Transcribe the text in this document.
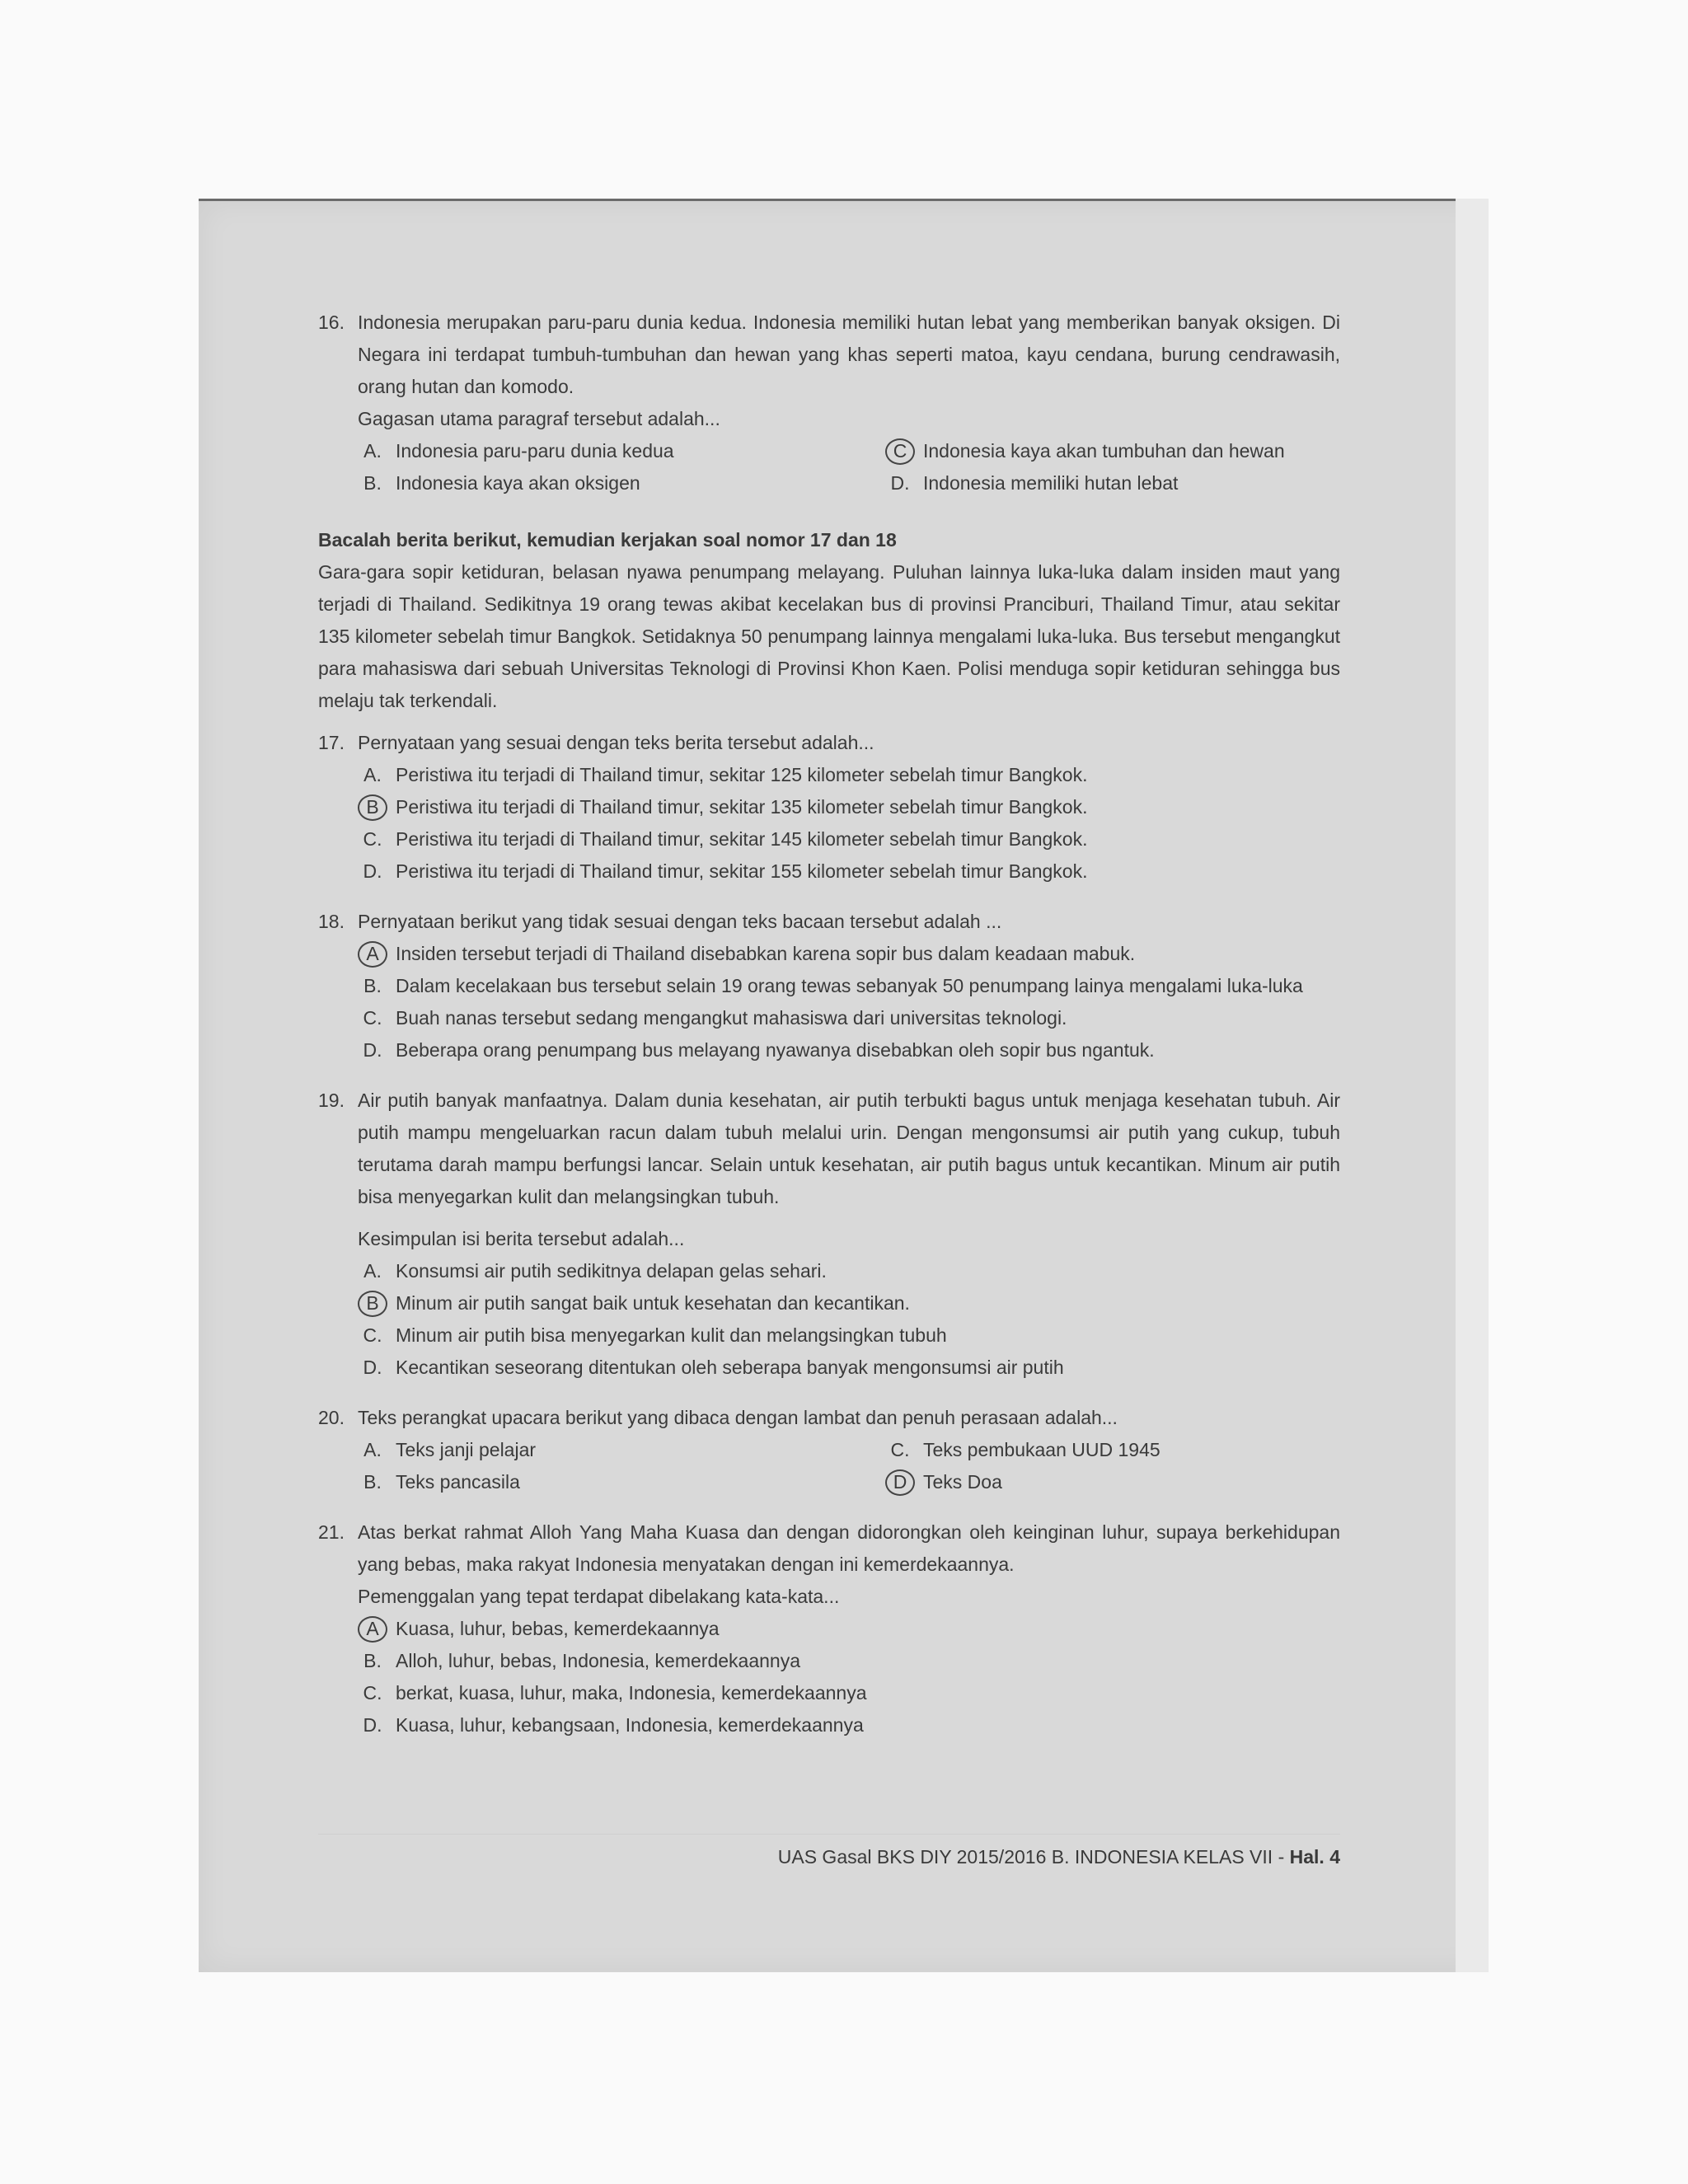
16. Indonesia merupakan paru-paru dunia kedua. Indonesia memiliki hutan lebat yang memberikan banyak oksigen. Di Negara ini terdapat tumbuh-tumbuhan dan hewan yang khas seperti matoa, kayu cendana, burung cendrawasih, orang hutan dan komodo.

Gagasan utama paragraf tersebut adalah...
A. Indonesia paru-paru dunia kedua	C Indonesia kaya akan tumbuhan dan hewan
B. Indonesia kaya akan oksigen	D. Indonesia memiliki hutan lebat
Bacalah berita berikut, kemudian kerjakan soal nomor 17 dan 18

Gara-gara sopir ketiduran, belasan nyawa penumpang melayang. Puluhan lainnya luka-luka dalam insiden maut yang terjadi di Thailand. Sedikitnya 19 orang tewas akibat kecelakan bus di provinsi Pranciburi, Thailand Timur, atau sekitar 135 kilometer sebelah timur Bangkok. Setidaknya 50 penumpang lainnya mengalami luka-luka. Bus tersebut mengangkut para mahasiswa dari sebuah Universitas Teknologi di Provinsi Khon Kaen. Polisi menduga sopir ketiduran sehingga bus melaju tak terkendali.

17. Pernyataan yang sesuai dengan teks berita tersebut adalah...
A. Peristiwa itu terjadi di Thailand timur, sekitar 125 kilometer sebelah timur Bangkok.
B Peristiwa itu terjadi di Thailand timur, sekitar 135 kilometer sebelah timur Bangkok.
C. Peristiwa itu terjadi di Thailand timur, sekitar 145 kilometer sebelah timur Bangkok.
D. Peristiwa itu terjadi di Thailand timur, sekitar 155 kilometer sebelah timur Bangkok.
18. Pernyataan berikut yang tidak sesuai dengan teks bacaan tersebut adalah ...
A Insiden tersebut terjadi di Thailand disebabkan karena sopir bus dalam keadaan mabuk.
B. Dalam kecelakaan bus tersebut selain 19 orang tewas sebanyak 50 penumpang lainya mengalami luka-luka
C. Buah nanas tersebut sedang mengangkut mahasiswa dari universitas teknologi.
D. Beberapa orang penumpang bus melayang nyawanya disebabkan oleh sopir bus ngantuk.
19. Air putih banyak manfaatnya. Dalam dunia kesehatan, air putih terbukti bagus untuk menjaga kesehatan tubuh. Air putih mampu mengeluarkan racun dalam tubuh melalui urin. Dengan mengonsumsi air putih yang cukup, tubuh terutama darah mampu berfungsi lancar. Selain untuk kesehatan, air putih bagus untuk kecantikan. Minum air putih bisa menyegarkan kulit dan melangsingkan tubuh.

Kesimpulan isi berita tersebut adalah...
A. Konsumsi air putih sedikitnya delapan gelas sehari.
B Minum air putih sangat baik untuk kesehatan dan kecantikan.
C. Minum air putih bisa menyegarkan kulit dan melangsingkan tubuh
D. Kecantikan seseorang ditentukan oleh seberapa banyak mengonsumsi air putih
20. Teks perangkat upacara berikut yang dibaca dengan lambat dan penuh perasaan adalah...
A. Teks janji pelajar	C. Teks pembukaan UUD 1945
B. Teks pancasila	D Teks Doa
21. Atas berkat rahmat Alloh Yang Maha Kuasa dan dengan didorongkan oleh keinginan luhur, supaya berkehidupan yang bebas, maka rakyat Indonesia menyatakan dengan ini kemerdekaannya.

Pemenggalan yang tepat terdapat dibelakang kata-kata...
A Kuasa, luhur, bebas, kemerdekaannya
B. Alloh, luhur, bebas, Indonesia, kemerdekaannya
C. berkat, kuasa, luhur, maka, Indonesia, kemerdekaannya
D. Kuasa, luhur, kebangsaan, Indonesia, kemerdekaannya
UAS Gasal BKS DIY 2015/2016 B. INDONESIA KELAS VII - Hal. 4
